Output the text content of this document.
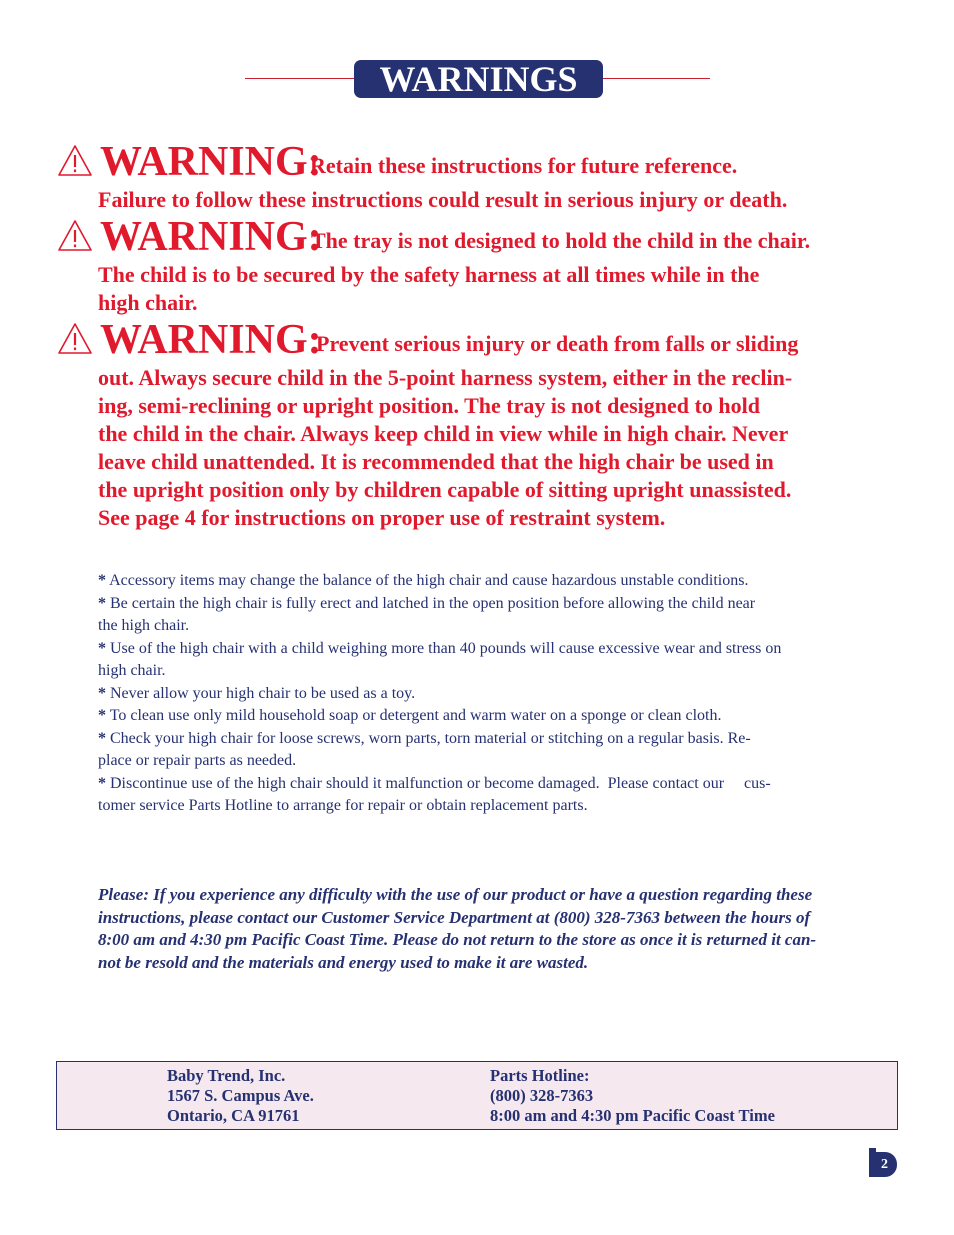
WARNINGS
WARNING:
Retain these instructions for future reference.
Failure to follow these instructions could result in serious injury or death.
WARNING:
The tray is not designed to hold the child in the chair.
The child is to be secured by the safety harness at all times while in the
high chair.
WARNING:
Prevent serious injury or death from falls or sliding
out. Always secure child in the 5-point harness system, either in the reclin-
ing, semi-reclining or upright position. The tray is not designed to hold
the child in the chair. Always keep child in view while in high chair. Never
leave child unattended. It is recommended that the high chair be used in
the upright position only by children capable of sitting upright unassisted.
See page 4 for instructions on proper use of restraint system.

* Accessory items may change the balance of the high chair and cause hazardous unstable conditions.

* Be certain the high chair is fully erect and latched in the open position before allowing the child near
the high chair.

* Use of the high chair with a child weighing more than 40 pounds will cause excessive wear and stress on
high chair.

* Never allow your high chair to be used as a toy.

* To clean use only mild household soap or detergent and warm water on a sponge or clean cloth.

* Check your high chair for loose screws, worn parts, torn material or stitching on a regular basis. Re-
place or repair parts as needed.

* Discontinue use of the high chair should it malfunction or become damaged.  Please contact our     cus-
tomer service Parts Hotline to arrange for repair or obtain replacement parts.

Please: If you experience any difficulty with the use of our product or have a question regarding these
instructions, please contact our Customer Service Department at (800) 328-7363 between the hours of
8:00 am and 4:30 pm Pacific Coast Time. Please do not return to the store as once it is returned it can-
not be resold and the materials and energy used to make it are wasted.
Baby Trend, Inc.
1567 S. Campus Ave.
Ontario, CA 91761
Parts Hotline:
(800) 328-7363
8:00 am and 4:30 pm Pacific Coast Time
2
